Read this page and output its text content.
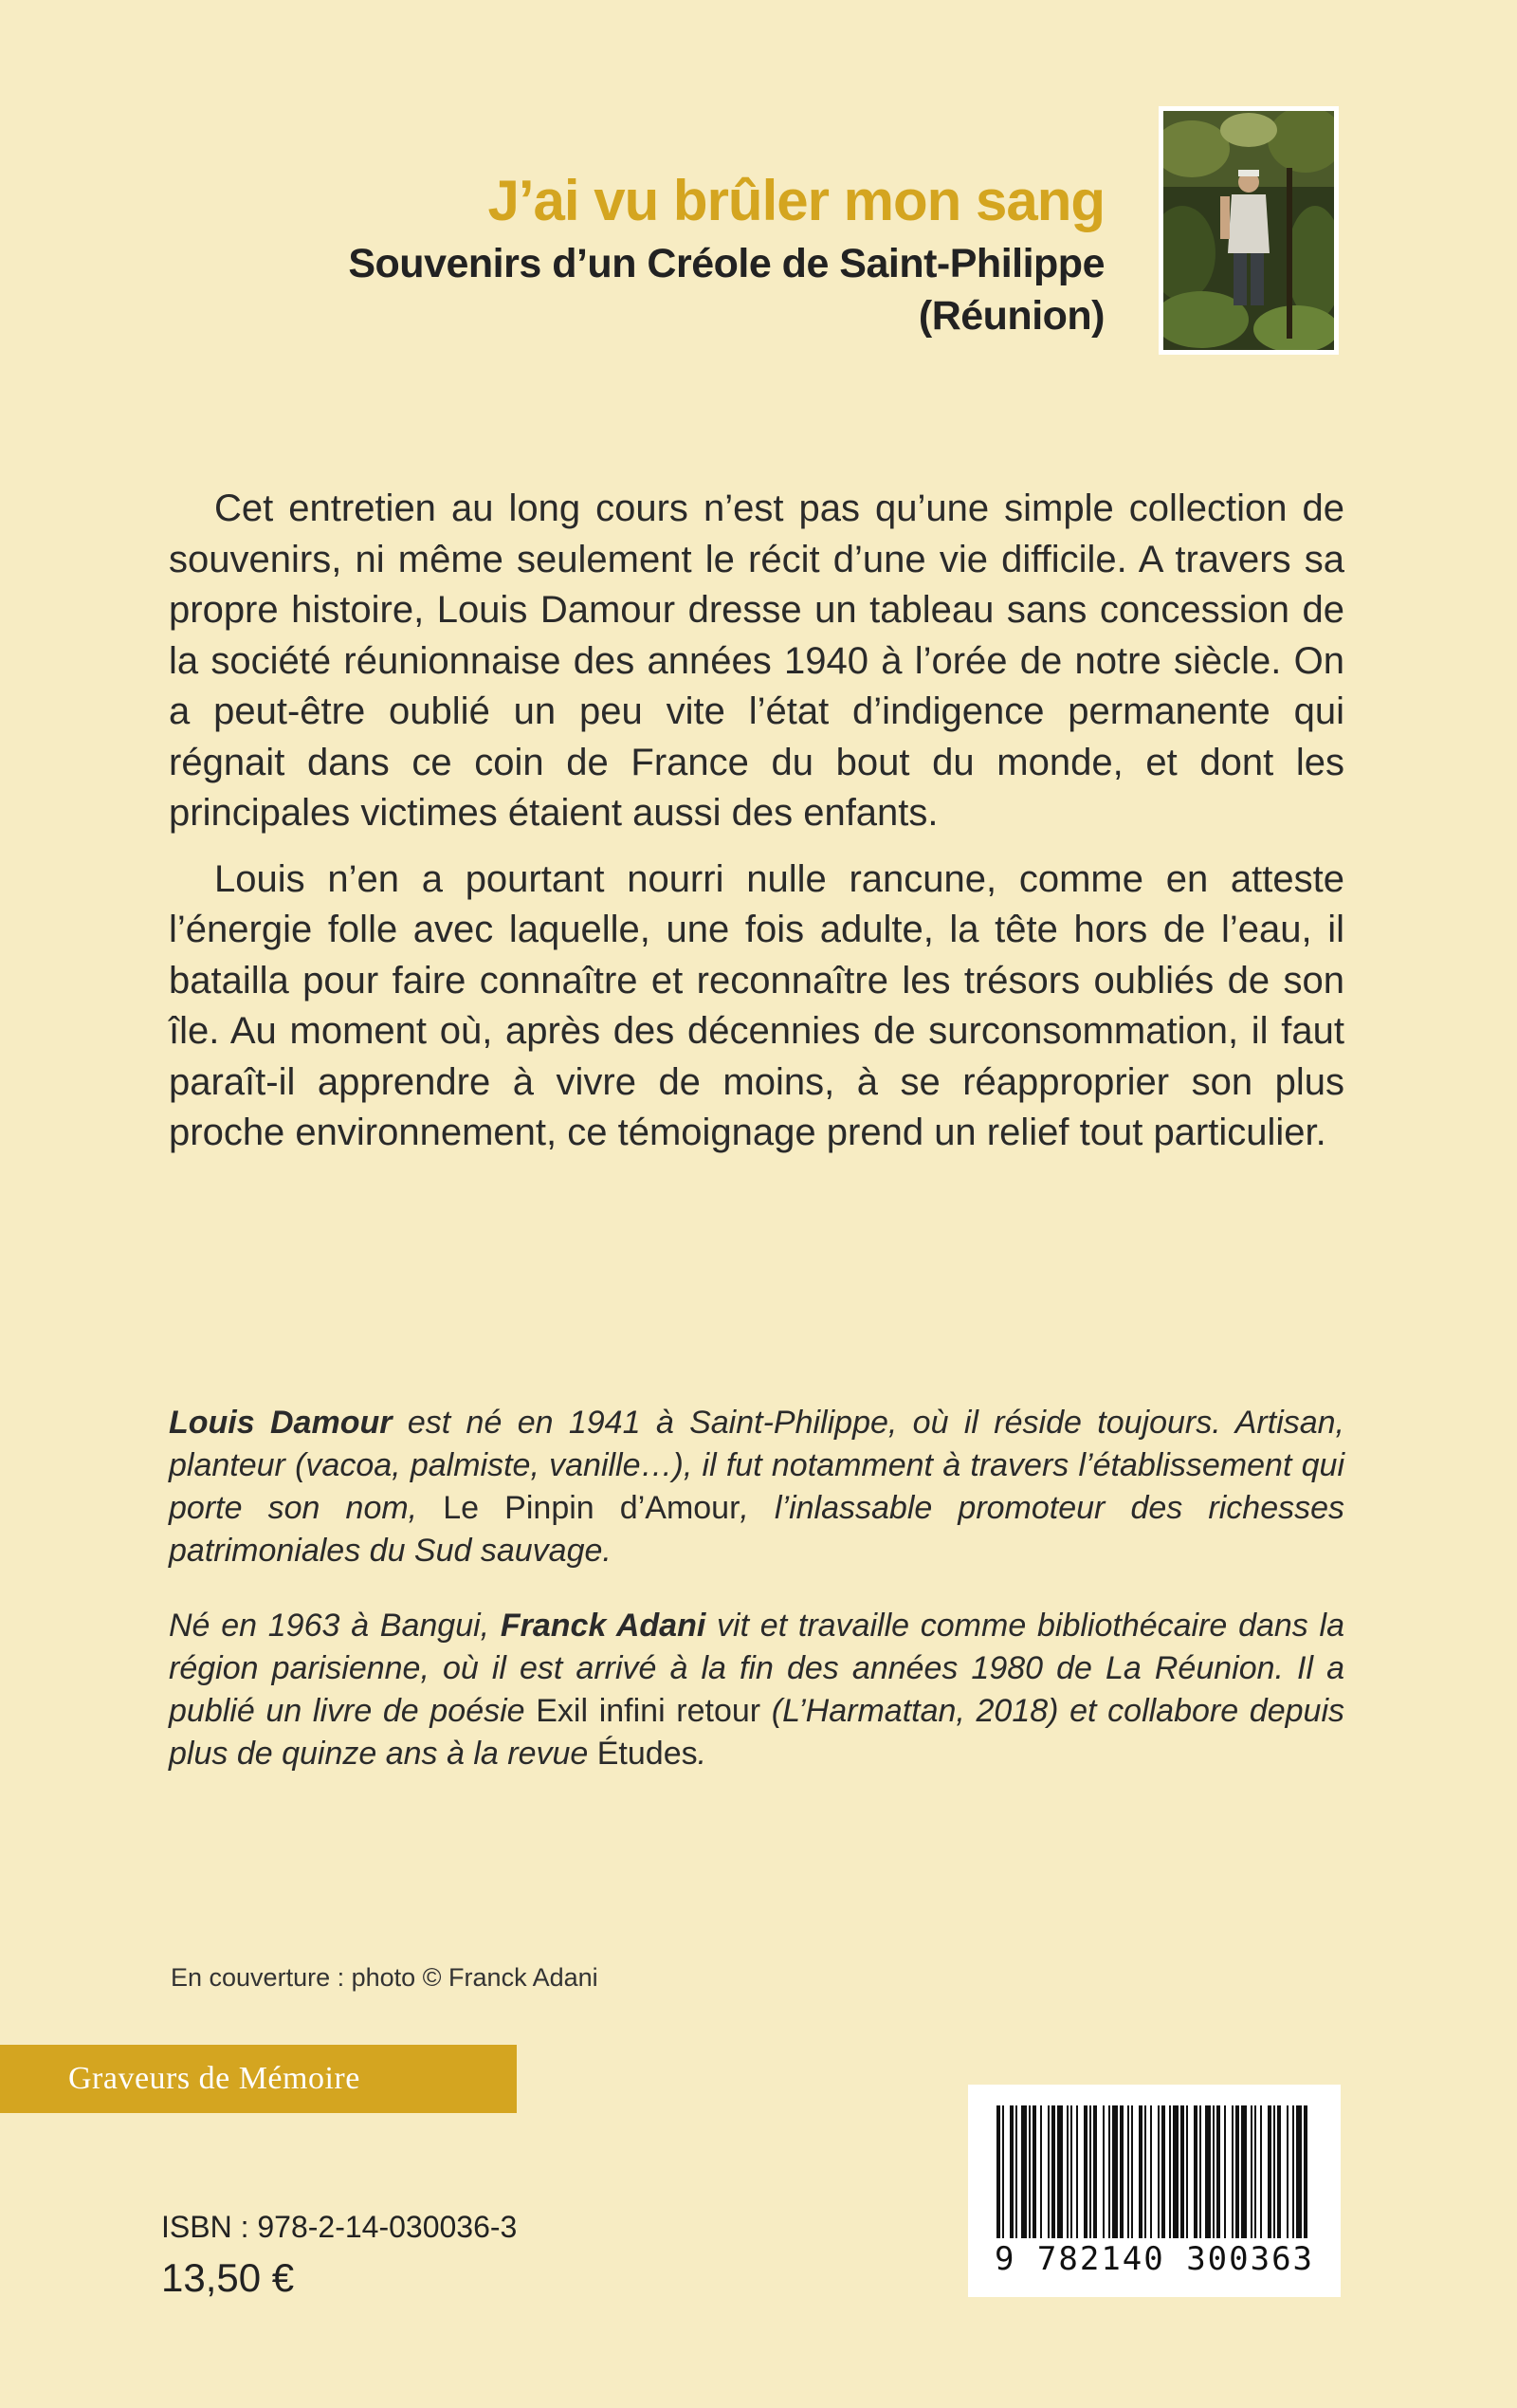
J’ai vu brûler mon sang
Souvenirs d’un Créole de Saint-Philippe
(Réunion)

Cet entretien au long cours n’est pas qu’une simple collection de souvenirs, ni même seulement le récit d’une vie difficile. A travers sa propre histoire, Louis Damour dresse un tableau sans concession de la société réunionnaise des années 1940 à l’orée de notre siècle. On a peut-être oublié un peu vite l’état d’indigence permanente qui régnait dans ce coin de France du bout du monde, et dont les principales victimes étaient aussi des enfants.

Louis n’en a pourtant nourri nulle rancune, comme en atteste l’énergie folle avec laquelle, une fois adulte, la tête hors de l’eau, il batailla pour faire connaître et reconnaître les trésors oubliés de son île. Au moment où, après des décennies de surconsommation, il faut paraît-il apprendre à vivre de moins, à se réapproprier son plus proche environnement, ce témoignage prend un relief tout particulier.

Louis Damour est né en 1941 à Saint-Philippe, où il réside toujours. Artisan, planteur (vacoa, palmiste, vanille…), il fut notamment à travers l’établissement qui porte son nom, Le Pinpin d’Amour, l’inlassable promoteur des richesses patrimoniales du Sud sauvage.

Né en 1963 à Bangui, Franck Adani vit et travaille comme bibliothécaire dans la région parisienne, où il est arrivé à la fin des années 1980 de La Réunion. Il a publié un livre de poésie Exil infini retour (L’Harmattan, 2018) et collabore depuis plus de quinze ans à la revue Études.

En couverture : photo © Franck Adani
Graveurs de Mémoire
ISBN : 978-2-14-030036-3
13,50 €	9 782140 300363
